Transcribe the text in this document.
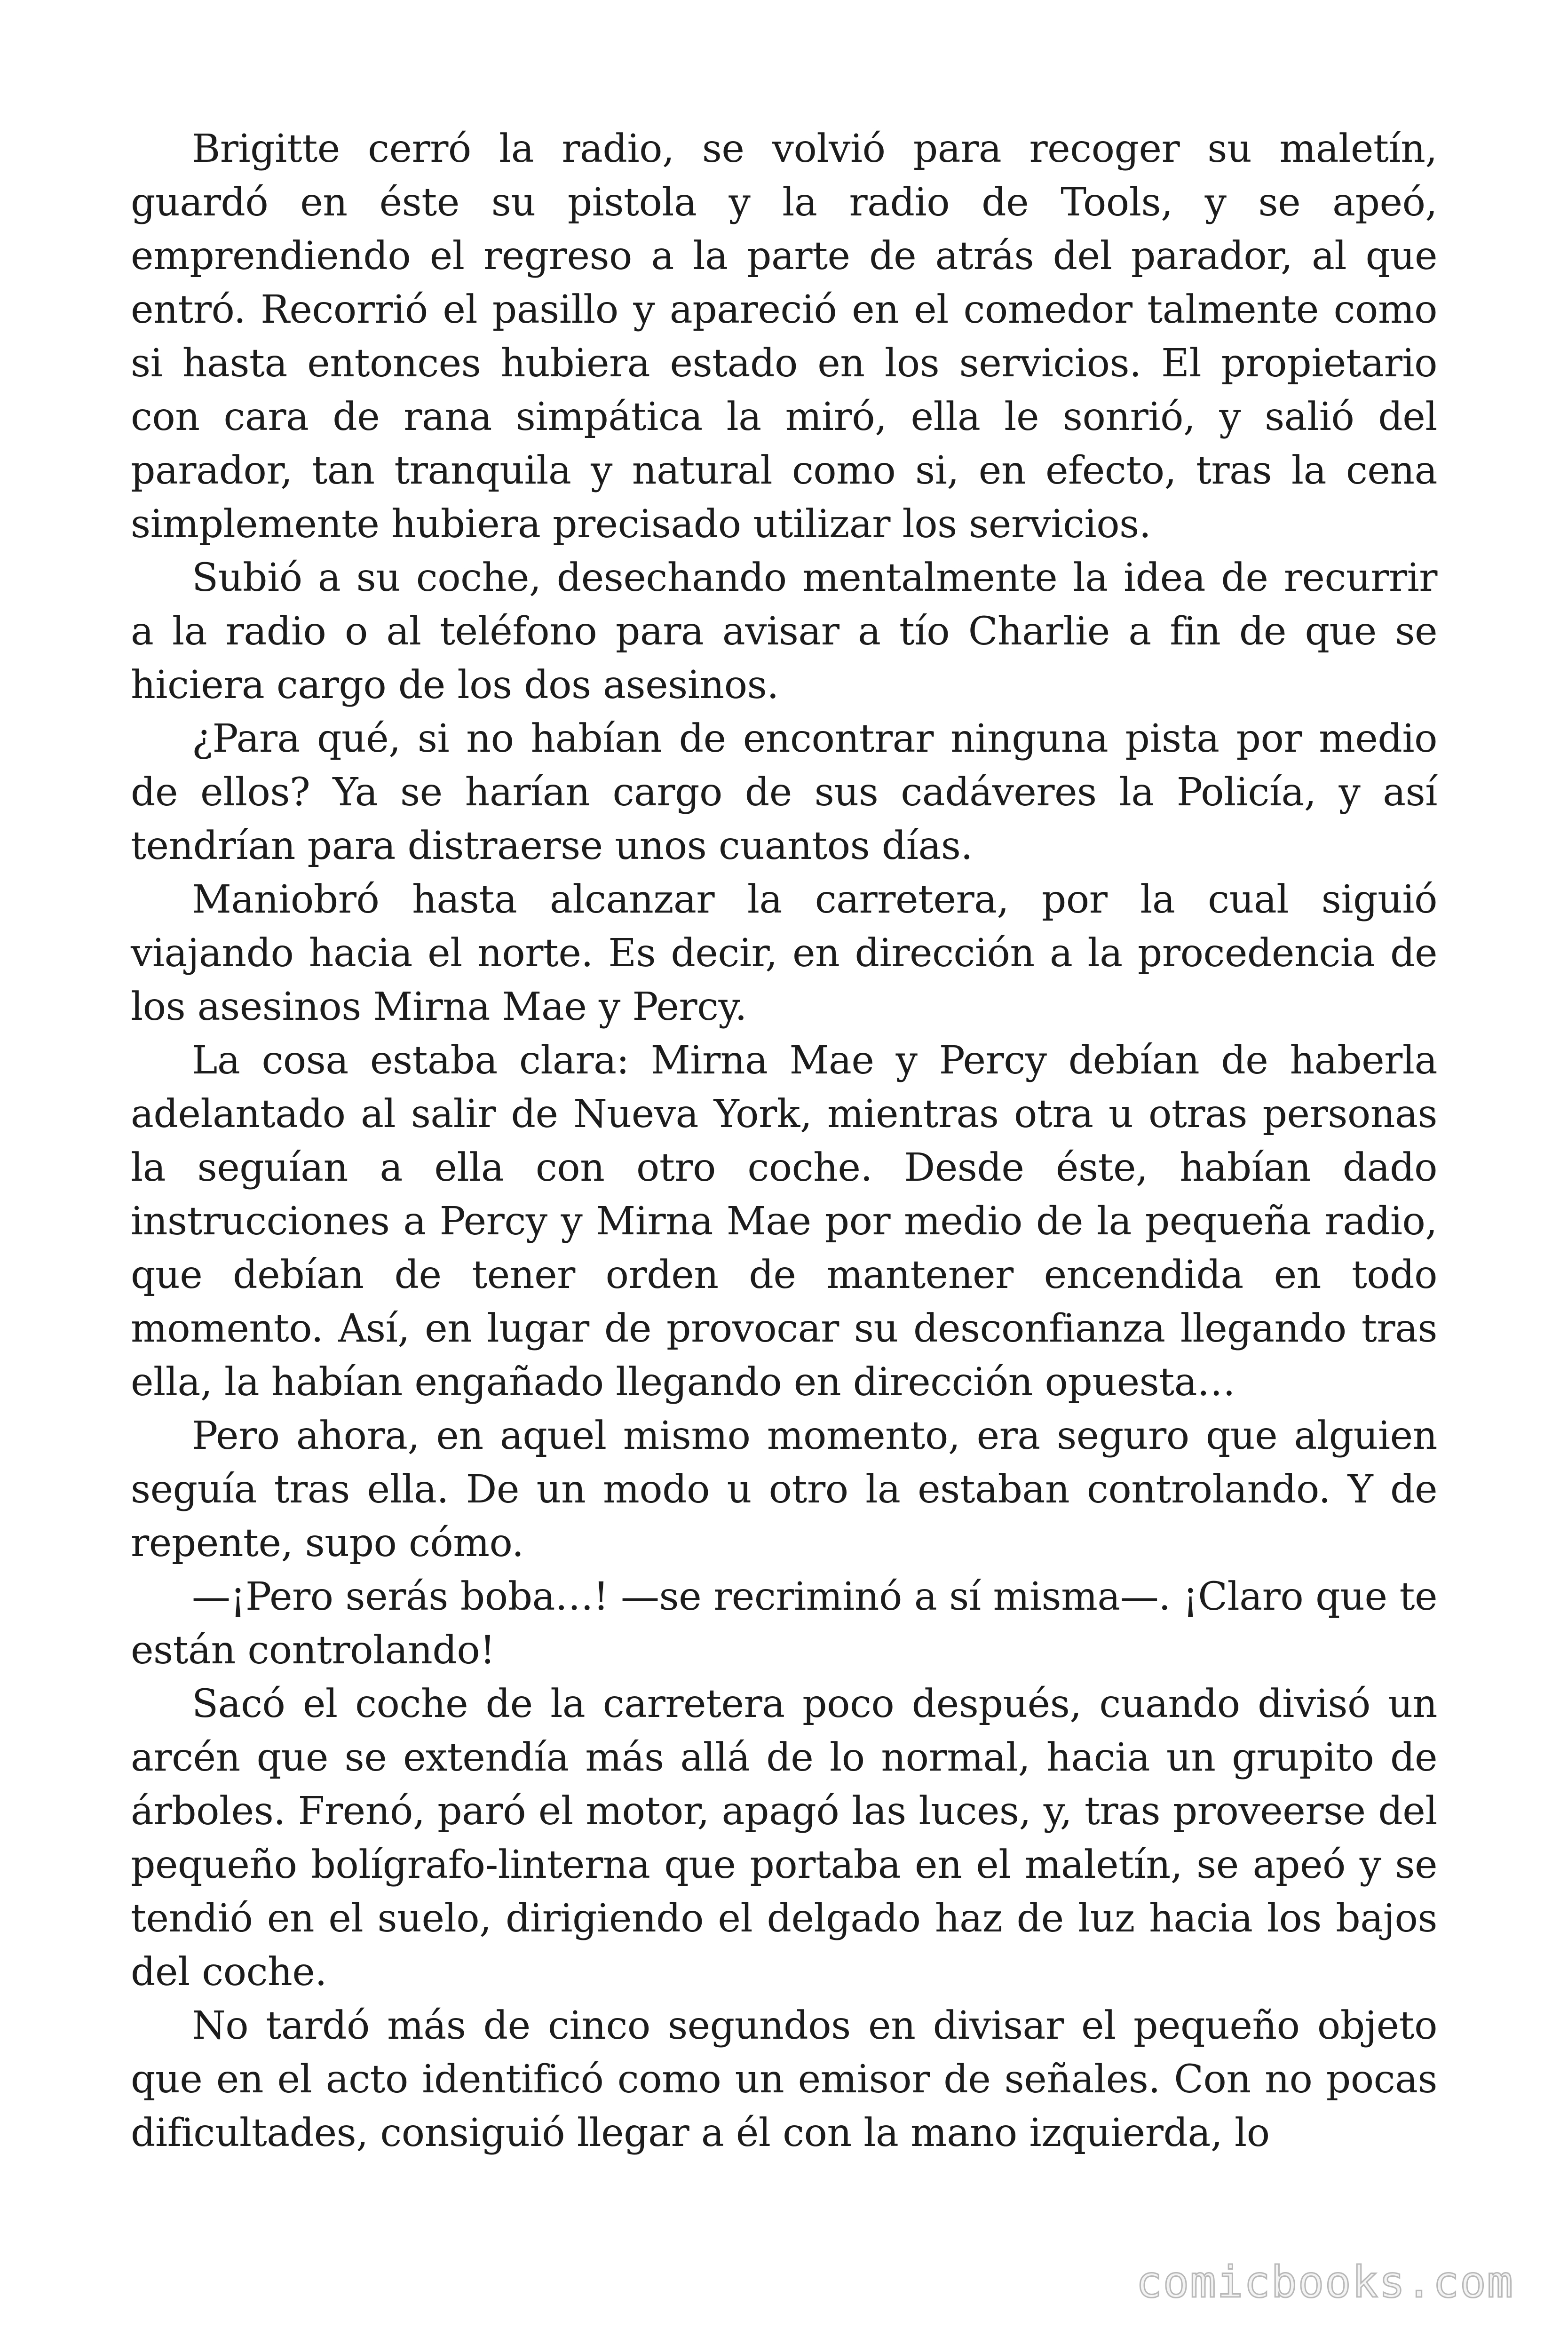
Brigitte cerró la radio, se volvió para recoger su maletín, guardó en éste su pistola y la radio de Tools, y se apeó, emprendiendo el regreso a la parte de atrás del parador, al que entró. Recorrió el pasillo y apareció en el comedor talmente como si hasta entonces hubiera estado en los servicios. El propietario con cara de rana simpática la miró, ella le sonrió, y salió del parador, tan tranquila y natural como si, en efecto, tras la cena simplemente hubiera precisado utilizar los servicios.

Subió a su coche, desechando mentalmente la idea de recurrir a la radio o al teléfono para avisar a tío Charlie a fin de que se hiciera cargo de los dos asesinos.

¿Para qué, si no habían de encontrar ninguna pista por medio de ellos? Ya se harían cargo de sus cadáveres la Policía, y así tendrían para distraerse unos cuantos días.

Maniobró hasta alcanzar la carretera, por la cual siguió viajando hacia el norte. Es decir, en dirección a la procedencia de los asesinos Mirna Mae y Percy.

La cosa estaba clara: Mirna Mae y Percy debían de haberla adelantado al salir de Nueva York, mientras otra u otras personas la seguían a ella con otro coche. Desde éste, habían dado instrucciones a Percy y Mirna Mae por medio de la pequeña radio, que debían de tener orden de mantener encendida en todo momento. Así, en lugar de provocar su desconfianza llegando tras ella, la habían engañado llegando en dirección opuesta…

Pero ahora, en aquel mismo momento, era seguro que alguien seguía tras ella. De un modo u otro la estaban controlando. Y de repente, supo cómo.

—¡Pero serás boba…! —se recriminó a sí misma—. ¡Claro que te están controlando!

Sacó el coche de la carretera poco después, cuando divisó un arcén que se extendía más allá de lo normal, hacia un grupito de árboles. Frenó, paró el motor, apagó las luces, y, tras proveerse del pequeño bolígrafo-linterna que portaba en el maletín, se apeó y se tendió en el suelo, dirigiendo el delgado haz de luz hacia los bajos del coche.

No tardó más de cinco segundos en divisar el pequeño objeto que en el acto identificó como un emisor de señales. Con no pocas dificultades, consiguió llegar a él con la mano izquierda, lo

comicbooks.com
